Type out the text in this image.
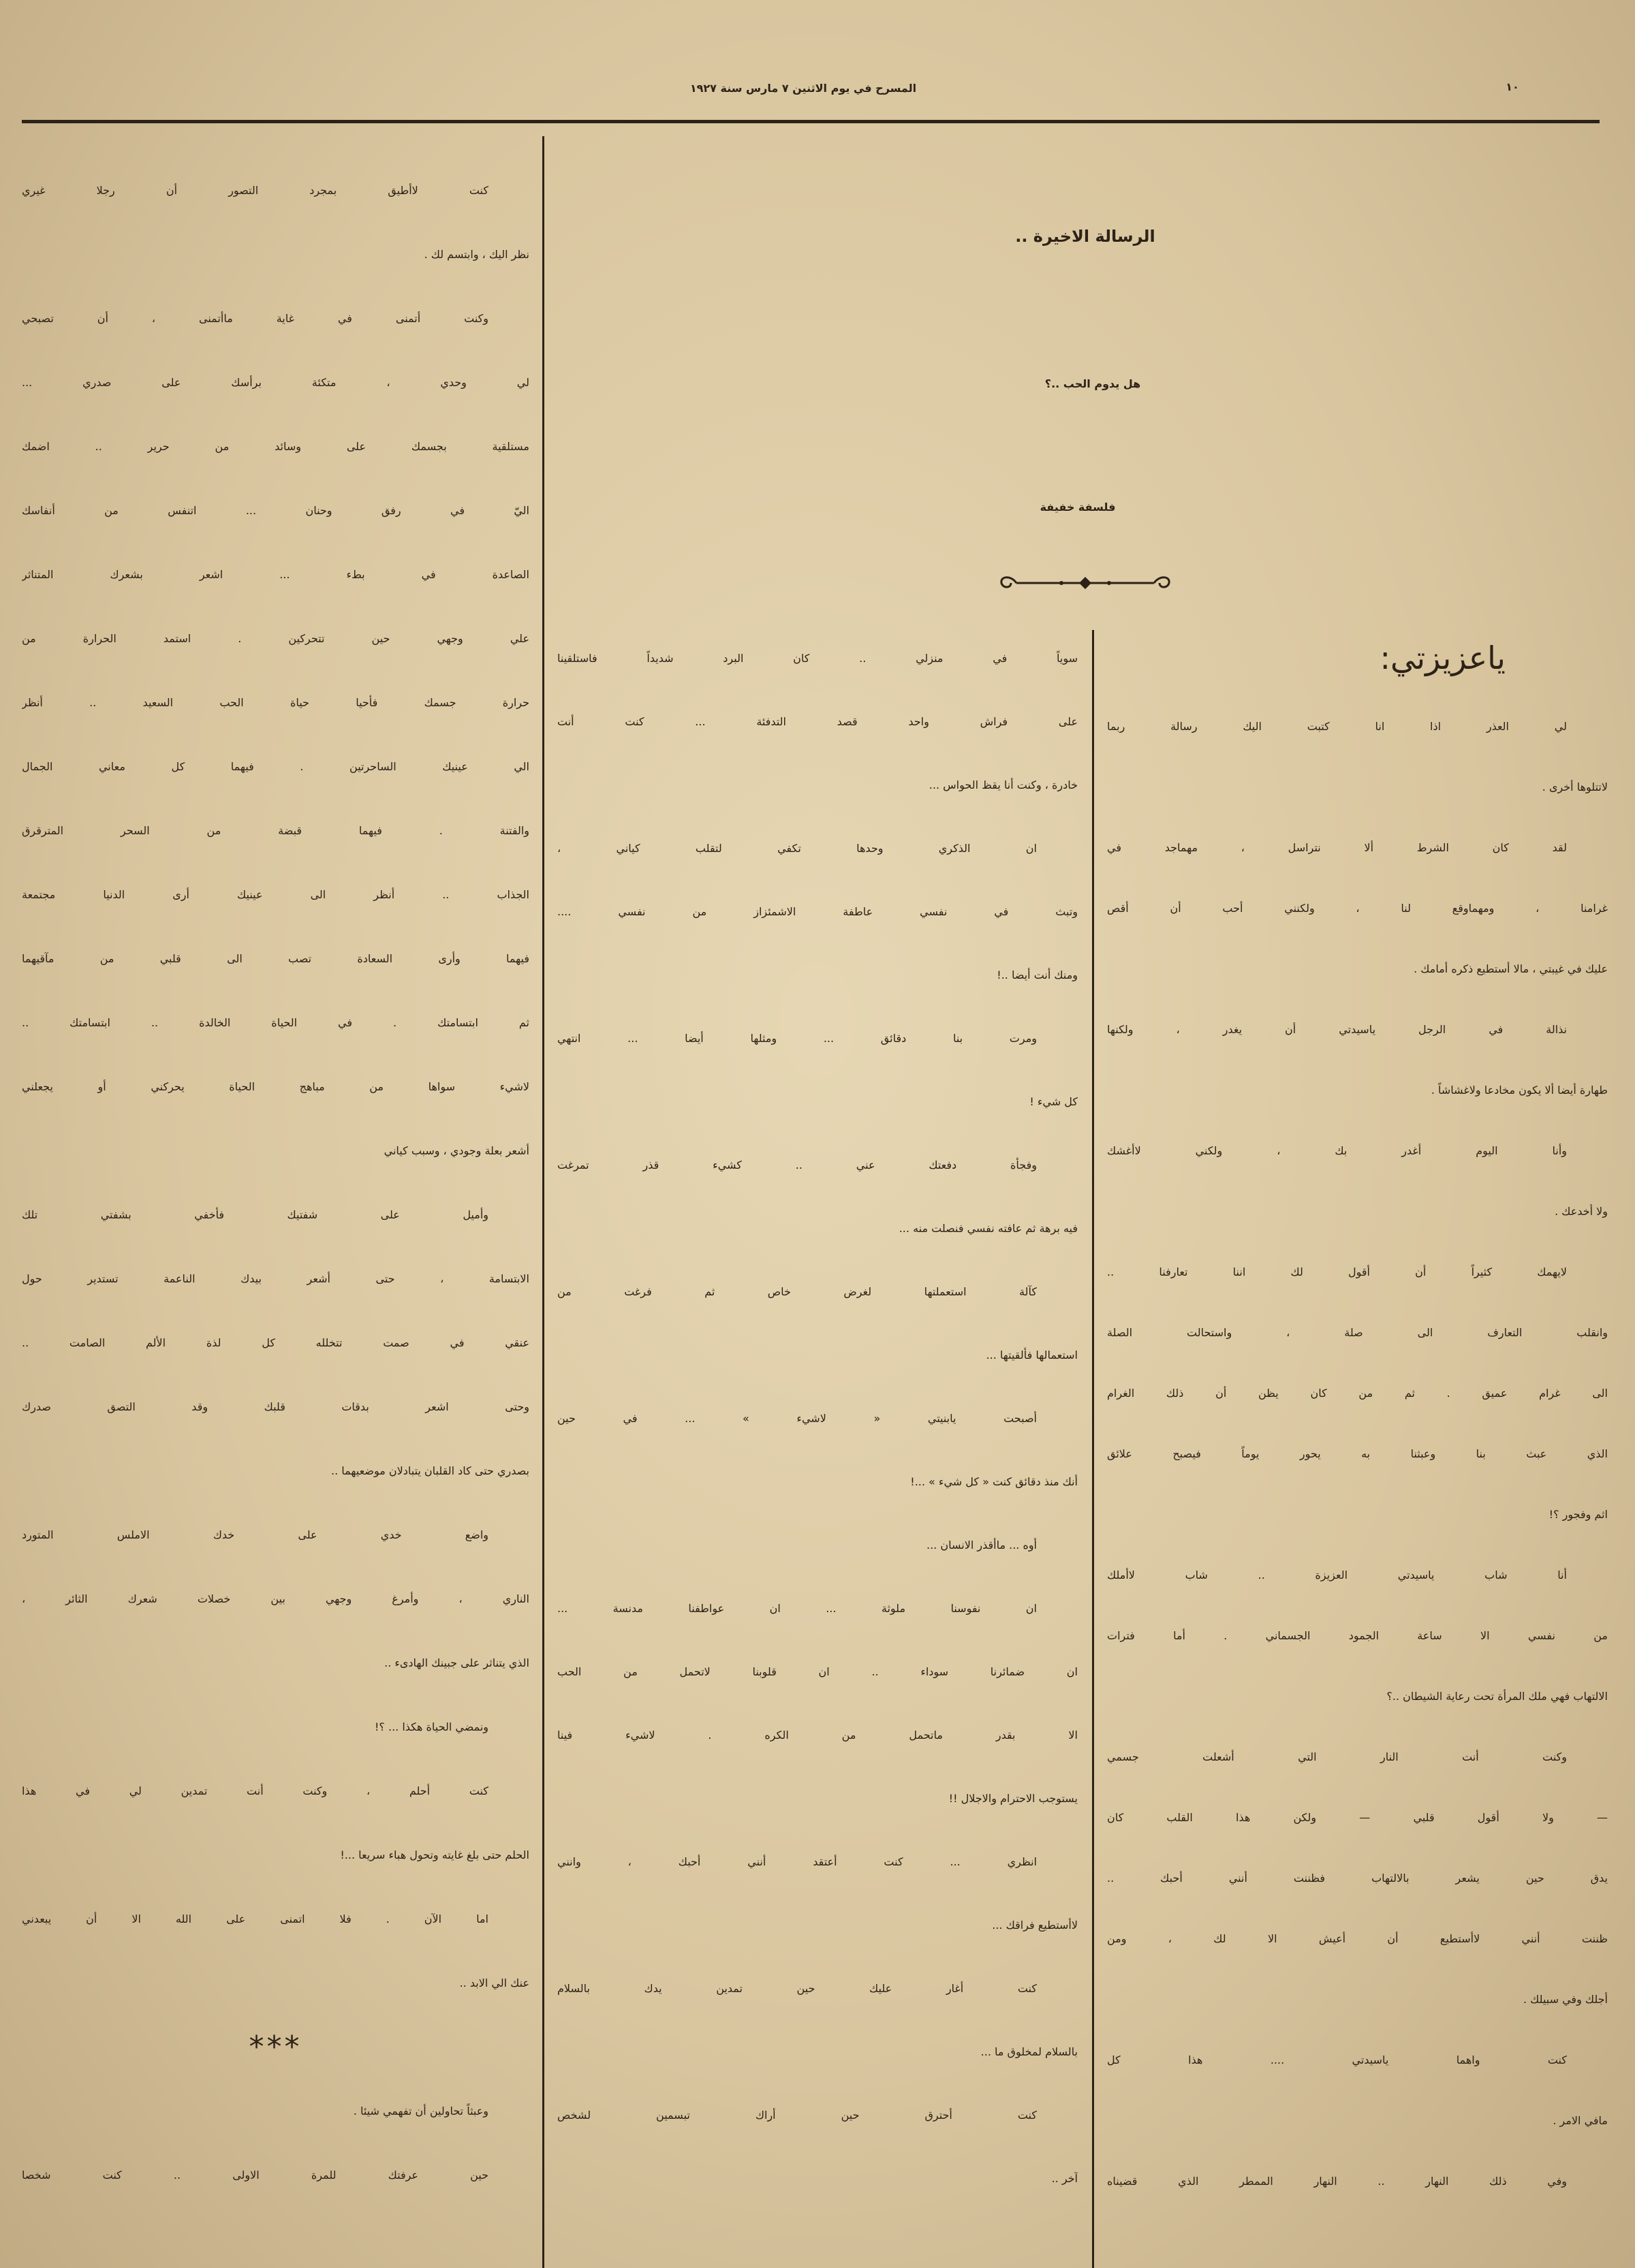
١٠
المسرح في يوم الاثنين ٧ مارس سنة ١٩٢٧
الرسالة الاخيرة ..
هل يدوم الحب ..؟
فلسفة خفيفة
ياعزيزتي:
لي العذر اذا انا كتبت اليك رسالة ربما
لاتتلوها أخرى .
لقد كان الشرط ألا نتراسل ، مهماجد في
غرامنا ، ومهماوقع لنا ، ولكنني أحب أن أقص
عليك في غيبتي ، مالا أستطيع ذكره أمامك .
نذالة في الرجل ياسيدتي أن يغدر ، ولكنها
طهارة أيضا ألا يكون مخادعا ولاغشاشاً .
وأنا اليوم أغدر بك ، ولكني لاأغشك
ولا أخدعك .
لايهمك كثيراً أن أقول لك اننا تعارفنا ..
وانقلب التعارف الى صلة ، واستحالت الصلة
الى غرام عميق . ثم من كان يظن أن ذلك الغرام
الذي عبث بنا وعبثنا به يحور يوماً فيصبح علائق
اثم وفجور ؟!
أنا شاب ياسيدتي العزيزة .. شاب لاأملك
من نفسي الا ساعة الجمود الجسماني . أما فترات
الالتهاب فهي ملك المرأة تحت رعاية الشيطان ..؟
وكنت أنت النار التي أشعلت جسمي
— ولا أقول قلبي — ولكن هذا القلب كان
يدق حين يشعر بالالتهاب فظننت أنني أحبك ..
ظننت أنني لاأستطيع أن أعيش الا لك ، ومن
أجلك وفي سبيلك .
كنت واهما ياسيدتي .... هذا كل
مافي الامر .
وفي ذلك النهار .. النهار الممطر الذي قضيناه
سوياً في منزلي .. كان البرد شديداً فاستلقينا
على فراش واحد قصد التدفئة ... كنت أنت
خادرة ، وكنت أنا يقظ الحواس ...
ان الذكري وحدها تكفي لتقلب كياني ،
وتبث في نفسي عاطفة الاشمئزاز من نفسي ....
ومنك أنت أيضا ..!
ومرت بنا دقائق ... ومثلها أيضا ... انتهي
كل شيء !
وفجأة دفعتك عني .. كشيء قذر تمرغت
فيه برهة ثم عافته نفسي فنصلت منه ...
كآلة استعملتها لغرض خاص ثم فرغت من
استعمالها فألقيتها ...
أصبحت يابنيتي « لاشيء » ... في حين
أنك منذ دقائق كنت « كل شيء » ...!
أوه ... ماأقذر الانسان ...
ان نفوسنا ملوثة ... ان عواطفنا مدنسة ...
ان ضمائرنا سوداء .. ان قلوبنا لاتحمل من الحب
الا بقدر ماتحمل من الكره . لاشيء فينا
يستوجب الاحترام والاجلال !!
انظري ... كنت أعتقد أنني أحبك ، وانني
لاأستطيع فراقك ...
كنت أغار عليك حين تمدين يدك بالسلام
بالسلام لمخلوق ما ...
كنت أحترق حين أراك تبسمين لشخص
آخر ..
كنت لاأطيق بمجرد التصور أن رجلا غيري
نظر اليك ، وابتسم لك .
وكنت أتمنى في غاية ماأتمنى ، أن تصبحي
لي وحدي ، متكئة برأسك على صدري ...
مستلقية بجسمك على وسائد من حرير .. اضمك
اليّ في رفق وحنان ... اتنفس من أنفاسك
الصاعدة في بطء ... اشعر بشعرك المتناثر
علي وجهي حين تتحركين . استمد الحرارة من
حرارة جسمك فأحيا حياة الحب السعيد .. أنظر
الي عينيك الساحرتين . فيهما كل معاني الجمال
والفتنة . فيهما قبضة من السحر المترقرق
الجذاب .. أنظر الى عينيك أرى الدنيا مجتمعة
فيهما وأرى السعادة تصب الى قلبي من مآقيهما
ثم ابتسامتك . في الحياة الخالدة .. ابتسامتك ..
لاشيء سواها من مباهج الحياة يحركني أو يجعلني
أشعر بعلة وجودي ، وسبب كياني
وأميل على شفتيك فأخفي بشفتي تلك
الابتسامة ، حتى أشعر بيدك الناعمة تستدير حول
عنقي في صمت تتخلله كل لذة الألم الصامت ..
وحتى اشعر بدقات قلبك وقد التصق صدرك
بصدري حتى كاد القلبان يتبادلان موضعيهما ..
واضع خدي على خدك الاملس المتورد
الناري ، وأمرغ وجهي بين خصلات شعرك الثائر ،
الذي يتناثر على جبينك الهادىء ..
ونمضي الحياة هكذا ... ؟!
كنت أحلم ، وكنت أنت تمدين لي في هذا
الحلم حتى بلغ غايته وتحول هباء سريعا ...!
اما الآن . فلا اتمنى على الله الا أن يبعدني
عنك الي الابد ..
***
وعبثاً تحاولين أن تفهمي شيئا .
حين عرفتك للمرة الاولى .. كنت شخصا
